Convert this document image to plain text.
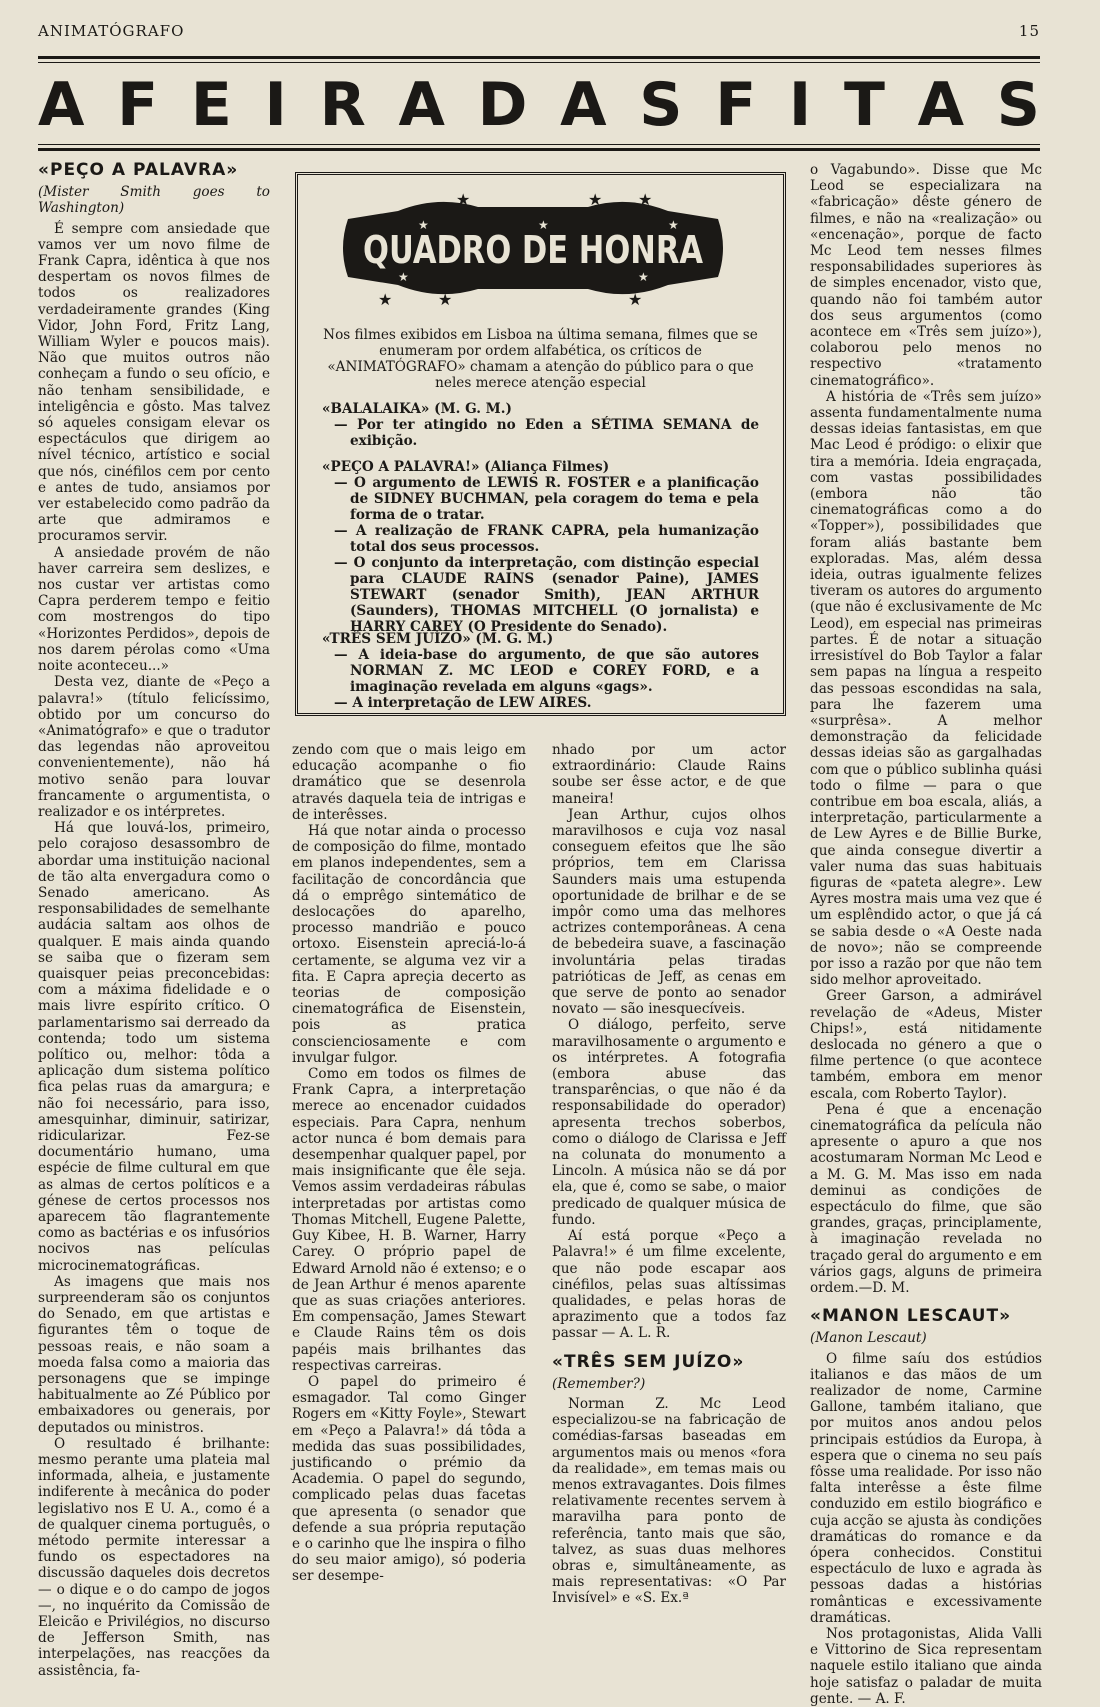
ANIMATÓGRAFO	15
A F E I R A D A S F I T A S

«PEÇO A PALAVRA»

(Mister Smith goes to Washington)

É sempre com ansiedade que vamos ver um novo filme de Frank Capra, idêntica à que nos despertam os novos filmes de todos os realizadores verdadeiramente grandes (King Vidor, John Ford, Fritz Lang, William Wyler e poucos mais). Não que muitos outros não conheçam a fundo o seu ofício, e não tenham sensibilidade, e inteligência e gôsto. Mas talvez só aqueles consigam elevar os espectáculos que dirigem ao nível técnico, artístico e social que nós, cinéfilos cem por cento e antes de tudo, ansiamos por ver estabelecido como padrão da arte que admiramos e procuramos servir.

A ansiedade provém de não haver carreira sem deslizes, e nos custar ver artistas como Capra perderem tempo e feitio com mostrengos do tipo «Horizontes Perdidos», depois de nos darem pérolas como «Uma noite aconteceu...»

Desta vez, diante de «Peço a palavra!» (título felicíssimo, obtido por um concurso do «Animatógrafo» e que o tradutor das legendas não aproveitou convenientemente), não há motivo senão para louvar francamente o argumentista, o realizador e os intérpretes.

Há que louvá-los, primeiro, pelo corajoso desassombro de abordar uma instituição nacional de tão alta envergadura como o Senado americano. As responsabilidades de semelhante audácia saltam aos olhos de qualquer. E mais ainda quando se saiba que o fizeram sem quaisquer peias preconcebidas: com a máxima fidelidade e o mais livre espírito crítico. O parlamentarismo sai derreado da contenda; todo um sistema político ou, melhor: tôda a aplicação dum sistema político fica pelas ruas da amargura; e não foi necessário, para isso, amesquinhar, diminuir, satirizar, ridicularizar. Fez-se documentário humano, uma espécie de filme cultural em que as almas de certos políticos e a génese de certos processos nos aparecem tão flagrantemente como as bactérias e os infusórios nocivos nas películas microcinematográficas.

As imagens que mais nos surpreenderam são os conjuntos do Senado, em que artistas e figurantes têm o toque de pessoas reais, e não soam a moeda falsa como a maioria das personagens que se impinge habitualmente ao Zé Público por embaixadores ou generais, por deputados ou ministros.

O resultado é brilhante: mesmo perante uma plateia mal informada, alheia, e justamente indiferente à mecânica do poder legislativo nos E U. A., como é a de qualquer cinema português, o método permite interessar a fundo os espectadores na discussão daqueles dois decretos — o dique e o do campo de jogos —, no inquérito da Comissão de Eleicão e Privilégios, no discurso de Jefferson Smith, nas interpelações, nas reacções da assistência, fa-

★	★ ★
★	★	★
★	★	★
★	★
QUADRO DE HONRA
Nos filmes exibidos em Lisboa na última semana, filmes que se enumeram por ordem alfabética, os críticos de «ANIMATÓGRAFO» chamam a atenção do público para o que neles merece atenção especial

«BALALAIKA» (M. G. M.)

— Por ter atingido no Eden a SÉTIMA SEMANA de exibição.

«PEÇO A PALAVRA!» (Aliança Filmes)

— O argumento de LEWIS R. FOSTER e a planificação de SIDNEY BUCHMAN, pela coragem do tema e pela forma de o tratar.

— A realização de FRANK CAPRA, pela humanização total dos seus processos.

— O conjunto da interpretação, com distinção especial para CLAUDE RAINS (senador Paine), JAMES STEWART (senador Smith), JEAN ARTHUR (Saunders), THOMAS MITCHELL (O jornalista) e HARRY CAREY (O Presidente do Senado).

«TRÊS SEM JUÍZO» (M. G. M.)

— A ideia-base do argumento, de que são autores NORMAN Z. MC LEOD e COREY FORD, e a imaginação revelada em alguns «gags».

— A interpretação de LEW AIRES.

zendo com que o mais leigo em educação acompanhe o fio dramático que se desenrola através daquela teia de intrigas e de interêsses.

Há que notar ainda o processo de composição do filme, montado em planos independentes, sem a facilitação de concordância que dá o emprêgo sintemático de deslocações do aparelho, processo mandrião e pouco ortoxo. Eisenstein apreciá-lo-á certamente, se alguma vez vir a fita. E Capra apreçia decerto as teorias de composição cinematográfica de Eisenstein, pois as pratica conscienciosamente e com invulgar fulgor.

Como em todos os filmes de Frank Capra, a interpretação merece ao encenador cuidados especiais. Para Capra, nenhum actor nunca é bom demais para desempenhar qualquer papel, por mais insignificante que êle seja. Vemos assim verdadeiras rábulas interpretadas por artistas como Thomas Mitchell, Eugene Palette, Guy Kibee, H. B. Warner, Harry Carey. O próprio papel de Edward Arnold não é extenso; e o de Jean Arthur é menos aparente que as suas criações anteriores. Em compensação, James Stewart e Claude Rains têm os dois papéis mais brilhantes das respectivas carreiras.

O papel do primeiro é esmagador. Tal como Ginger Rogers em «Kitty Foyle», Stewart em «Peço a Palavra!» dá tôda a medida das suas possibilidades, justificando o prémio da Academia. O papel do segundo, complicado pelas duas facetas que apresenta (o senador que defende a sua própria reputação e o carinho que lhe inspira o filho do seu maior amigo), só poderia ser desempe-

nhado por um actor extraordinário: Claude Rains soube ser êsse actor, e de que maneira!

Jean Arthur, cujos olhos maravilhosos e cuja voz nasal conseguem efeitos que lhe são próprios, tem em Clarissa Saunders mais uma estupenda oportunidade de brilhar e de se impôr como uma das melhores actrizes contemporâneas. A cena de bebedeira suave, a fascinação involuntária pelas tiradas patrióticas de Jeff, as cenas em que serve de ponto ao senador novato — são inesquecíveis.

O diálogo, perfeito, serve maravilhosamente o argumento e os intérpretes. A fotografia (embora abuse das transparências, o que não é da responsabilidade do operador) apresenta trechos soberbos, como o diálogo de Clarissa e Jeff na colunata do monumento a Lincoln. A música não se dá por ela, que é, como se sabe, o maior predicado de qualquer música de fundo.

Aí está porque «Peço a Palavra!» é um filme excelente, que não pode escapar aos cinéfilos, pelas suas altíssimas qualidades, e pelas horas de aprazimento que a todos faz passar — A. L. R.

«TRÊS SEM JUÍZO»

(Remember?)

Norman Z. Mc Leod especializou-se na fabricação de comédias-farsas baseadas em argumentos mais ou menos «fora da realidade», em temas mais ou menos extravagantes. Dois filmes relativamente recentes servem à maravilha para ponto de referência, tanto mais que são, talvez, as suas duas melhores obras e, simultâneamente, as mais representativas: «O Par Invisível» e «S. Ex.ª

o Vagabundo». Disse que Mc Leod se especializara na «fabricação» dêste género de filmes, e não na «realização» ou «encenação», porque de facto Mc Leod tem nesses filmes responsabilidades superiores às de simples encenador, visto que, quando não foi também autor dos seus argumentos (como acontece em «Três sem juízo»), colaborou pelo menos no respectivo «tratamento cinematográfico».

A história de «Três sem juízo» assenta fundamentalmente numa dessas ideias fantasistas, em que Mac Leod é pródigo: o elixir que tira a memória. Ideia engraçada, com vastas possibilidades (embora não tão cinematográficas como a do «Topper»), possibilidades que foram aliás bastante bem exploradas. Mas, além dessa ideia, outras igualmente felizes tiveram os autores do argumento (que não é exclusivamente de Mc Leod), em especial nas primeiras partes. É de notar a situação irresistível do Bob Taylor a falar sem papas na língua a respeito das pessoas escondidas na sala, para lhe fazerem uma «surprêsa». A melhor demonstração da felicidade dessas ideias são as gargalhadas com que o público sublinha quási todo o filme — para o que contribue em boa escala, aliás, a interpretação, particularmente a de Lew Ayres e de Billie Burke, que ainda consegue divertir a valer numa das suas habituais figuras de «pateta alegre». Lew Ayres mostra mais uma vez que é um esplêndido actor, o que já cá se sabia desde o «A Oeste nada de novo»; não se compreende por isso a razão por que não tem sido melhor aproveitado.

Greer Garson, a admirável revelação de «Adeus, Mister Chips!», está nitidamente deslocada no género a que o filme pertence (o que acontece também, embora em menor escala, com Roberto Taylor).

Pena é que a encenação cinematográfica da película não apresente o apuro a que nos acostumaram Norman Mc Leod e a M. G. M. Mas isso em nada deminui as condições de espectáculo do filme, que são grandes, graças, principlamente, à imaginação revelada no traçado geral do argumento e em vários gags, alguns de primeira ordem.—D. M.

«MANON LESCAUT»

(Manon Lescaut)

O filme saíu dos estúdios italianos e das mãos de um realizador de nome, Carmine Gallone, também italiano, que por muitos anos andou pelos principais estúdios da Europa, à espera que o cinema no seu país fôsse uma realidade. Por isso não falta interêsse a êste filme conduzido em estilo biográfico e cuja acção se ajusta às condições dramáticas do romance e da ópera conhecidos. Constitui espectáculo de luxo e agrada às pessoas dadas a histórias românticas e excessivamente dramáticas.

Nos protagonistas, Alida Valli e Vittorino de Sica representam naquele estilo italiano que ainda hoje satisfaz o paladar de muita gente. — A. F.
